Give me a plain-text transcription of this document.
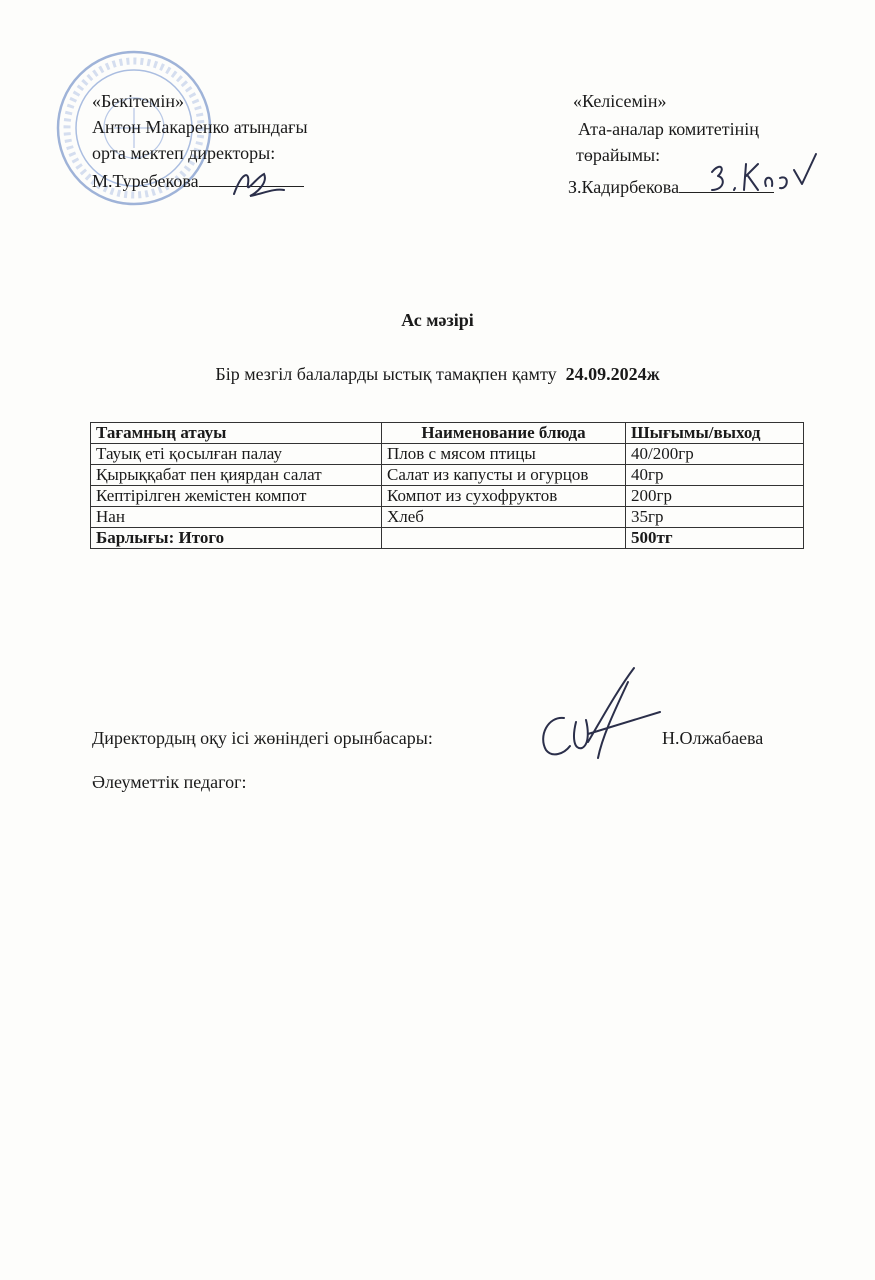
«Бекітемін»
Антон Макаренко атындағы
орта мектеп директоры:
М.Туребекова
«Келісемін»
Ата-аналар комитетінің
төрайымы:
З.Кадирбекова
Ас мәзірі
Бір мезгіл балаларды ыстық тамақпен қамту 24.09.2024ж
Тағамның атауы	Наименование блюда	Шығымы/выход
Тауық еті қосылған палау	Плов с мясом птицы	40/200гр
Қырыққабат пен қиярдан салат	Салат из капусты и огурцов	40гр
Кептірілген жемістен компот	Компот из сухофруктов	200гр
Нан	Хлеб	35гр
Барлығы: Итого		500тг
Директордың оқу ісі жөніндегі орынбасары:	Н.Олжабаева
Әлеуметтік педагог:
